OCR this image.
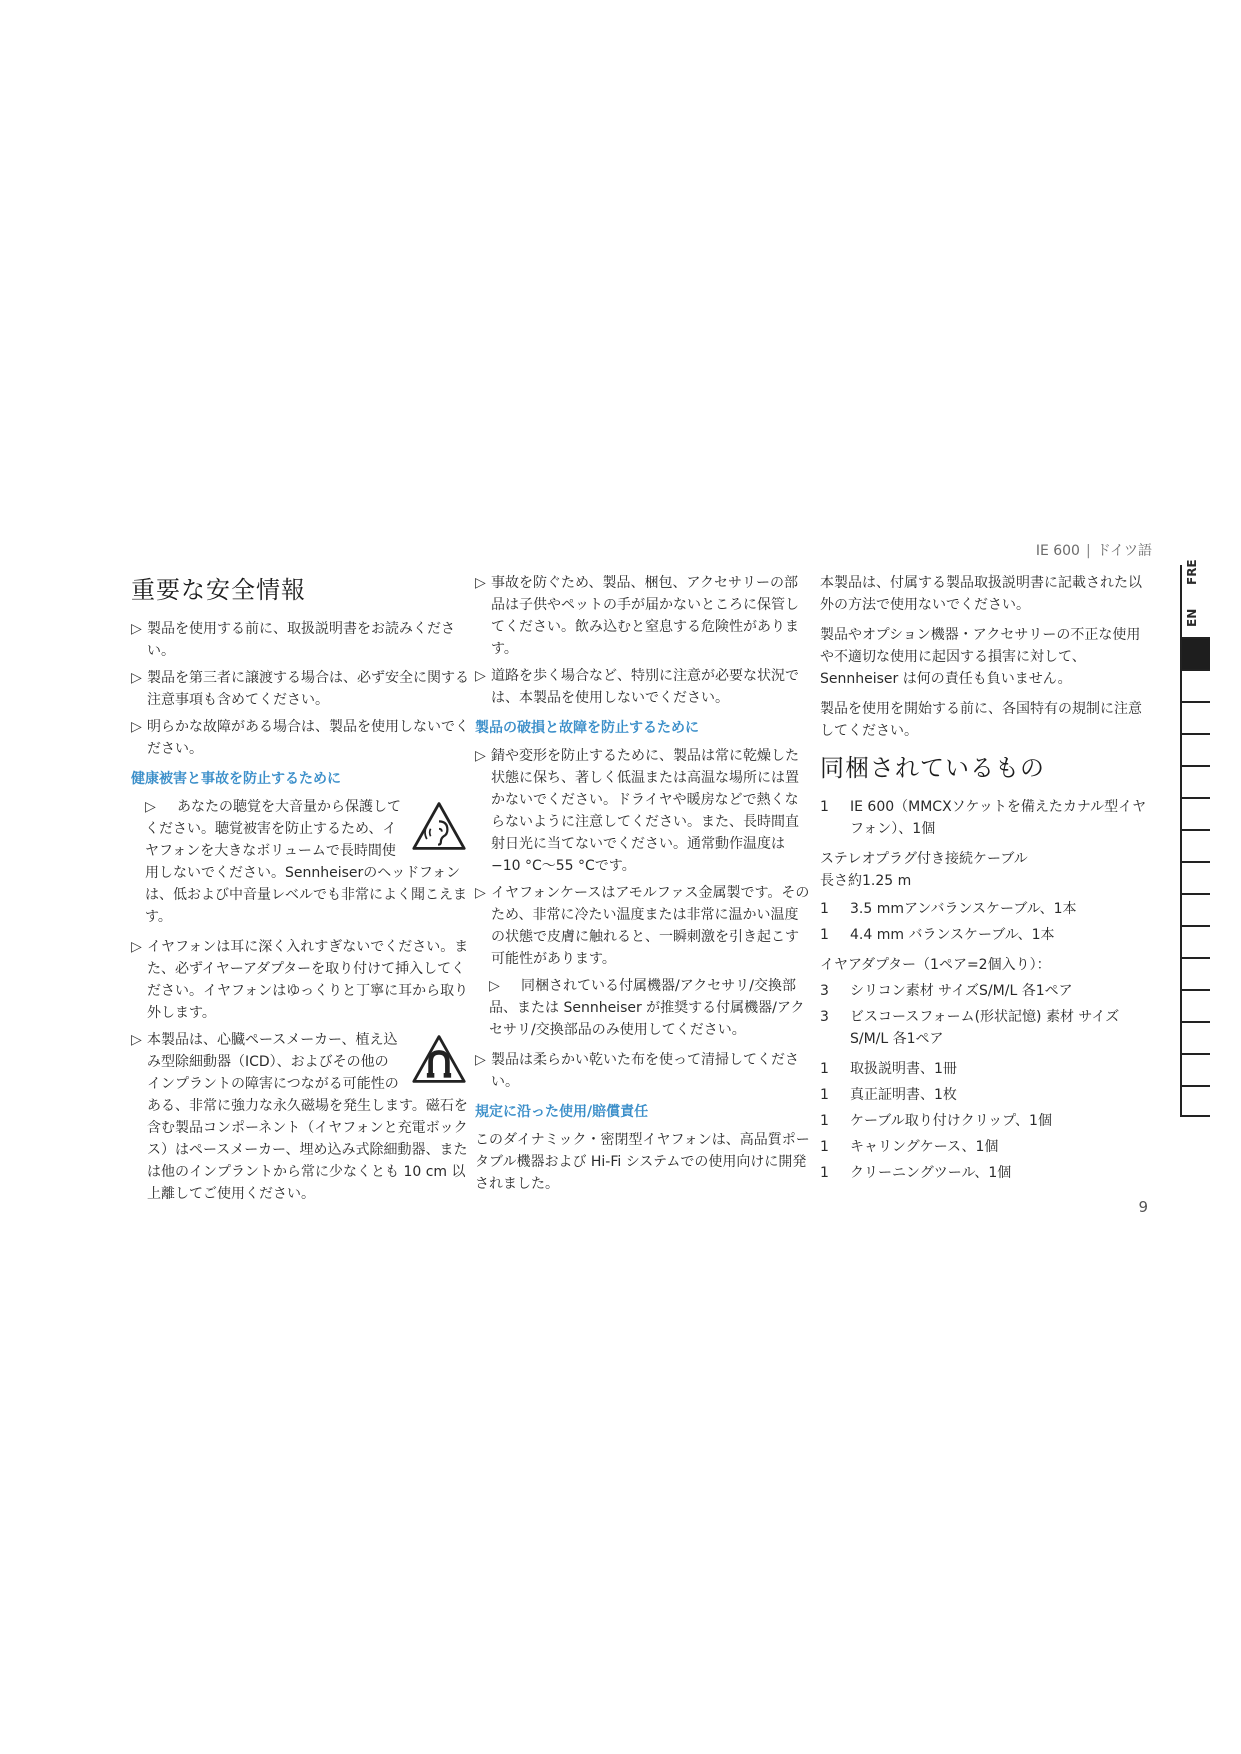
IE 600 | ドイツ語
重要な安全情報
▷ 製品を使用する前に、取扱説明書をお読みください。
▷ 製品を第三者に譲渡する場合は、必ず安全に関する注意事項も含めてください。
▷ 明らかな故障がある場合は、製品を使用しないでください。
健康被害と事故を防止するために

▷ あなたの聴覚を大音量から保護してください。聴覚被害を防止するため、イヤフォンを大きなボリュームで長時間使用しないでください。Sennheiserのヘッドフォンは、低および中音量レベルでも非常によく聞こえます。

▷ イヤフォンは耳に深く入れすぎないでください。また、必ずイヤーアダプターを取り付けて挿入してください。イヤフォンはゆっくりと丁寧に耳から取り外します。
▷ 本製品は、心臓ペースメーカー、植え込み型除細動器（ICD）、およびその他のインプラントの障害につながる可能性のある、非常に強力な永久磁場を発生します。磁石を含む製品コンポーネント（イヤフォンと充電ボックス）はペースメーカー、埋め込み式除細動器、または他のインプラントから常に少なくとも 10 cm 以上離してご使用ください。
▷ 事故を防ぐため、製品、梱包、アクセサリーの部品は子供やペットの手が届かないところに保管してください。飲み込むと窒息する危険性があります。
▷ 道路を歩く場合など、特別に注意が必要な状況では、本製品を使用しないでください。
製品の破損と故障を防止するために
▷ 錆や変形を防止するために、製品は常に乾燥した状態に保ち、著しく低温または高温な場所には置かないでください。ドライヤや暖房などで熱くならないように注意してください。また、長時間直射日光に当てないでください。通常動作温度は −10 °C〜55 °Cです。
▷ イヤフォンケースはアモルファス金属製です。そのため、非常に冷たい温度または非常に温かい温度の状態で皮膚に触れると、一瞬刺激を引き起こす可能性があります。

▷ 同梱されている付属機器/アクセサリ/交換部品、または Sennheiser が推奨する付属機器/アクセサリ/交換部品のみ使用してください。

▷ 製品は柔らかい乾いた布を使って清掃してください。
規定に沿った使用/賠償責任

このダイナミック・密閉型イヤフォンは、高品質ポータブル機器および Hi-Fi システムでの使用向けに開発されました。

本製品は、付属する製品取扱説明書に記載された以外の方法で使用ないでください。

製品やオプション機器・アクセサリーの不正な使用や不適切な使用に起因する損害に対して、Sennheiser は何の責任も負いません。

製品を使用を開始する前に、各国特有の規制に注意してください。

同梱されているもの
1 IE 600（MMCXソケットを備えたカナル型イヤフォン）、1個
ステレオプラグ付き接続ケーブル
長さ約1.25 m
1 3.5 mmアンバランスケーブル、1本
1 4.4 mm バランスケーブル、1本
イヤアダプター（1ペア=2個入り）：
3 シリコン素材 サイズS/M/L 各1ペア
3 ビスコースフォーム(形状記憶) 素材 サイズ S/M/L 各1ペア
1 取扱説明書、1冊
1 真正証明書、1枚
1 ケーブル取り付けクリップ、1個
1 キャリングケース、1個
1 クリーニングツール、1個
FRE
EN
9
